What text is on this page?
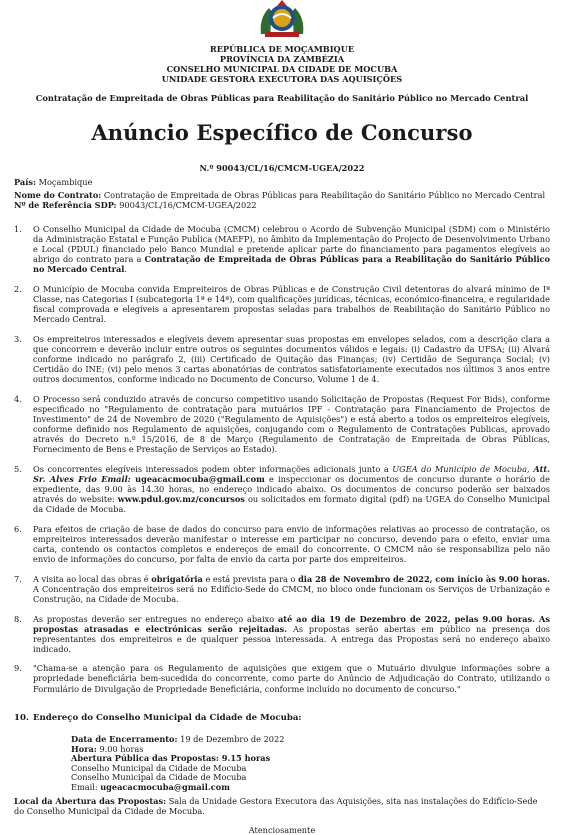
REPÚBLICA DE MOÇAMBIQUE
PROVÍNCIA DA ZAMBÉZIA
CONSELHO MUNICIPAL DA CIDADE DE MOCUBA
UNIDADE GESTORA EXECUTORA DAS AQUISIÇÕES
Contratação de Empreitada de Obras Públicas para Reabilitação do Sanitário Público no Mercado Central
Anúncio Específico de Concurso
N.º 90043/CL/16/CMCM-UGEA/2022
País: Moçambique
Nome do Contrato: Contratação de Empreitada de Obras Públicas para Reabilitação do Sanitário Público no Mercado Central
Nº de Referência SDP: 90043/CL/16/CMCM-UGEA/2022
1. O Conselho Municipal da Cidade de Mocuba (CMCM) celebrou o Acordo de Subvenção Municipal (SDM) com o Ministério da Administração Estatal e Função Publica (MAEFP), no âmbito da Implementação do Projecto de Desenvolvimento Urbano e Local (PDUL) financiado pelo Banco Mundial e pretende aplicar parte do financiamento para pagamentos elegíveis ao abrigo do contrato para a Contratação de Empreitada de Obras Públicas para a Reabilitação do Sanitário Público no Mercado Central.
2. O Município de Mocuba convida Empreiteiros de Obras Públicas e de Construção Civil detentoras do alvará mínimo de Iª Classe, nas Categorias I (subcategoria 1ª e 14ª), com qualificações jurídicas, técnicas, económico-financeira, e regularidade fiscal comprovada e elegíveis a apresentarem propostas seladas para trabalhos de Reabilitação do Sanitário Público no Mercado Central.
3. Os empreiteiros interessados e elegíveis devem apresentar suas propostas em envelopes selados, com a descrição clara a que concorrem e deverão incluir entre outros os seguintes documentos válidos e legais: (i) Cadastro da UFSA; (ii) Alvará conforme indicado no parágrafo 2, (iii) Certificado de Quitação das Finanças; (iv) Certidão de Segurança Social; (v) Certidão do INE; (vi) pelo menos 3 cartas abonatórias de contratos satisfatoriamente executados nos últimos 3 anos entre outros documentos, conforme indicado no Documento de Concurso, Volume 1 de 4.
4. O Processo será conduzido através de concurso competitivo usando Solicitação de Propostas (Request For Bids), conforme especificado no "Regulamento de contratação para mutuários IPF - Contratação para Financiamento de Projectos de Investimento" de 24 de Novembro de 2020 ("Regulamento de Aquisições") e está aberto a todos os empreiteiros elegíveis, conforme definido nos Regulamento de aquisições, conjugando com o Regulamento de Contratações Publicas, aprovado através do Decreto n.º 15/2016, de 8 de Março (Regulamento de Contratação de Empreitada de Obras Públicas, Fornecimento de Bens e Prestação de Serviços ao Estado).
5. Os concorrentes elegíveis interessados podem obter informações adicionais junto a UGEA do Município de Mocuba, Att. Sr. Alves Frio Email: ugeacacmocuba@gmail.com e inspeccionar os documentos de concurso durante o horário de expediente, das 9.00 às 14.30 horas, no endereço indicado abaixo. Os documentos de concurso poderão ser baixados através do website: www.pdul.gov.mz/concursos ou solicitados em formato digital (pdf) na UGEA do Conselho Municipal da Cidade de Mocuba.
6. Para efeitos de criação de base de dados do concurso para envio de informações relativas ao processo de contratação, os empreiteiros interessados deverão manifestar o interesse em participar no concurso, devendo para o efeito, enviar uma carta, contendo os contactos completos e endereços de email do concorrente. O CMCM não se responsabiliza pelo não envio de informações do concurso, por falta de envio da carta por parte dos empreiteiros.
7. A visita ao local das obras é obrigatória e está prevista para o dia 28 de Novembro de 2022, com início às 9.00 horas. A Concentração dos empreiteiros será no Edifício-Sede do CMCM, no bloco onde funcionam os Serviços de Urbanização e Construção, na Cidade de Mocuba.
8. As propostas deverão ser entregues no endereço abaixo até ao dia 19 de Dezembro de 2022, pelas 9.00 horas. As propostas atrasadas e electrónicas serão rejeitadas. As propostas serão abertas em público na presença dos representantes dos empreiteiros e de qualquer pessoa interessada. A entrega das Propostas será no endereço abaixo indicado.
9. "Chama-se a atenção para os Regulamento de aquisições que exigem que o Mutuário divulgue informações sobre a propriedade beneficiária bem-sucedida do concorrente, como parte do Anúncio de Adjudicação do Contrato, utilizando o Formulário de Divulgação de Propriedade Beneficiária, conforme incluído no documento de concurso."
10. Endereço do Conselho Municipal da Cidade de Mocuba:
Data de Encerramento: 19 de Dezembro de 2022
Hora: 9.00 horas
Abertura Pública das Propostas: 9.15 horas
Conselho Municipal da Cidade de Mocuba
Conselho Municipal da Cidade de Mocuba
Email: ugeacacmocuba@gmail.com
Local da Abertura das Propostas: Sala da Unidade Gestora Executora das Aquisições, sita nas instalações do Edifício-Sede do Conselho Municipal da Cidade de Mocuba.
Atenciosamente
